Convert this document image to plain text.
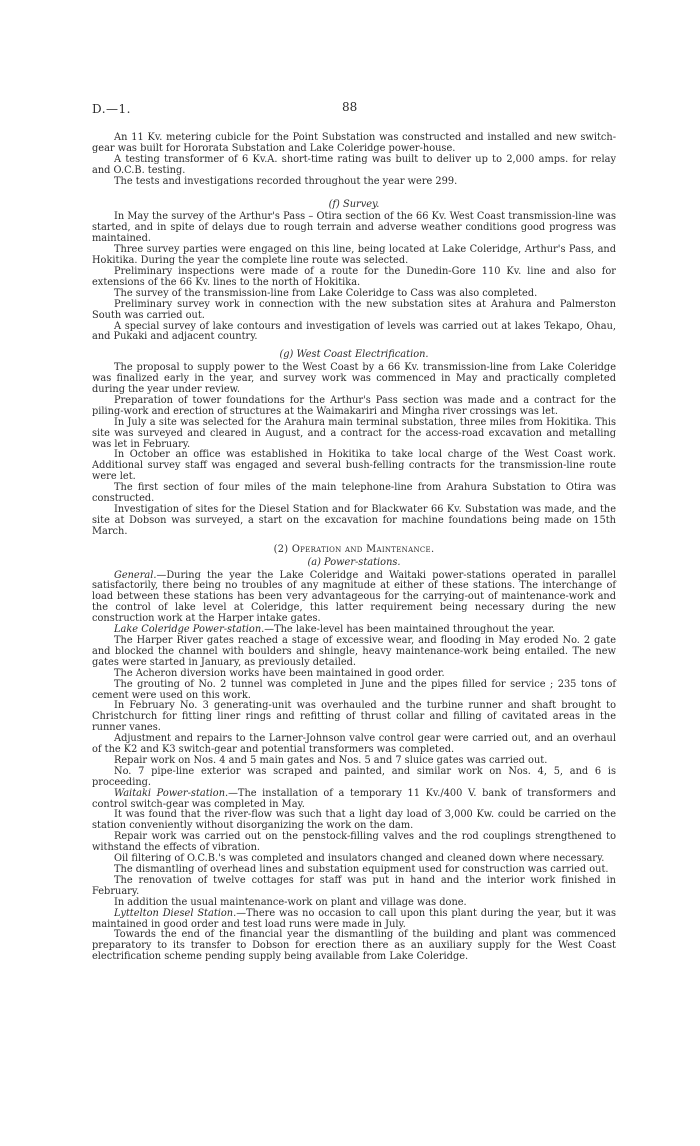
D.—1.	88

An 11 Kv. metering cubicle for the Point Substation was constructed and installed and new switch-gear was built for Hororata Substation and Lake Coleridge power-house.

A testing transformer of 6 Kv.A. short-time rating was built to deliver up to 2,000 amps. for relay and O.C.B. testing.

The tests and investigations recorded throughout the year were 299.

(f) Survey.

In May the survey of the Arthur's Pass – Otira section of the 66 Kv. West Coast transmission-line was started, and in spite of delays due to rough terrain and adverse weather conditions good progress was maintained.

Three survey parties were engaged on this line, being located at Lake Coleridge, Arthur's Pass, and Hokitika. During the year the complete line route was selected.

Preliminary inspections were made of a route for the Dunedin-Gore 110 Kv. line and also for extensions of the 66 Kv. lines to the north of Hokitika.

The survey of the transmission-line from Lake Coleridge to Cass was also completed.

Preliminary survey work in connection with the new substation sites at Arahura and Palmerston South was carried out.

A special survey of lake contours and investigation of levels was carried out at lakes Tekapo, Ohau, and Pukaki and adjacent country.

(g) West Coast Electrification.

The proposal to supply power to the West Coast by a 66 Kv. transmission-line from Lake Coleridge was finalized early in the year, and survey work was commenced in May and practically completed during the year under review.

Preparation of tower foundations for the Arthur's Pass section was made and a contract for the piling-work and erection of structures at the Waimakariri and Mingha river crossings was let.

In July a site was selected for the Arahura main terminal substation, three miles from Hokitika. This site was surveyed and cleared in August, and a contract for the access-road excavation and metalling was let in February.

In October an office was established in Hokitika to take local charge of the West Coast work. Additional survey staff was engaged and several bush-felling contracts for the transmission-line route were let.

The first section of four miles of the main telephone-line from Arahura Substation to Otira was constructed.

Investigation of sites for the Diesel Station and for Blackwater 66 Kv. Substation was made, and the site at Dobson was surveyed, a start on the excavation for machine foundations being made on 15th March.

(2) Operation and Maintenance.
(a) Power-stations.

General.—During the year the Lake Coleridge and Waitaki power-stations operated in parallel satisfactorily, there being no troubles of any magnitude at either of these stations. The interchange of load between these stations has been very advantageous for the carrying-out of maintenance-work and the control of lake level at Coleridge, this latter requirement being necessary during the new construction work at the Harper intake gates.

Lake Coleridge Power-station.—The lake-level has been maintained throughout the year.

The Harper River gates reached a stage of excessive wear, and flooding in May eroded No. 2 gate and blocked the channel with boulders and shingle, heavy maintenance-work being entailed. The new gates were started in January, as previously detailed.

The Acheron diversion works have been maintained in good order.

The grouting of No. 2 tunnel was completed in June and the pipes filled for service ; 235 tons of cement were used on this work.

In February No. 3 generating-unit was overhauled and the turbine runner and shaft brought to Christchurch for fitting liner rings and refitting of thrust collar and filling of cavitated areas in the runner vanes.

Adjustment and repairs to the Larner-Johnson valve control gear were carried out, and an overhaul of the K2 and K3 switch-gear and potential transformers was completed.

Repair work on Nos. 4 and 5 main gates and Nos. 5 and 7 sluice gates was carried out.

No. 7 pipe-line exterior was scraped and painted, and similar work on Nos. 4, 5, and 6 is proceeding.

Waitaki Power-station.—The installation of a temporary 11 Kv./400 V. bank of transformers and control switch-gear was completed in May.

It was found that the river-flow was such that a light day load of 3,000 Kw. could be carried on the station conveniently without disorganizing the work on the dam.

Repair work was carried out on the penstock-filling valves and the rod couplings strengthened to withstand the effects of vibration.

Oil filtering of O.C.B.'s was completed and insulators changed and cleaned down where necessary.

The dismantling of overhead lines and substation equipment used for construction was carried out.

The renovation of twelve cottages for staff was put in hand and the interior work finished in February.

In addition the usual maintenance-work on plant and village was done.

Lyttelton Diesel Station.—There was no occasion to call upon this plant during the year, but it was maintained in good order and test load runs were made in July.

Towards the end of the financial year the dismantling of the building and plant was commenced preparatory to its transfer to Dobson for erection there as an auxiliary supply for the West Coast electrification scheme pending supply being available from Lake Coleridge.
